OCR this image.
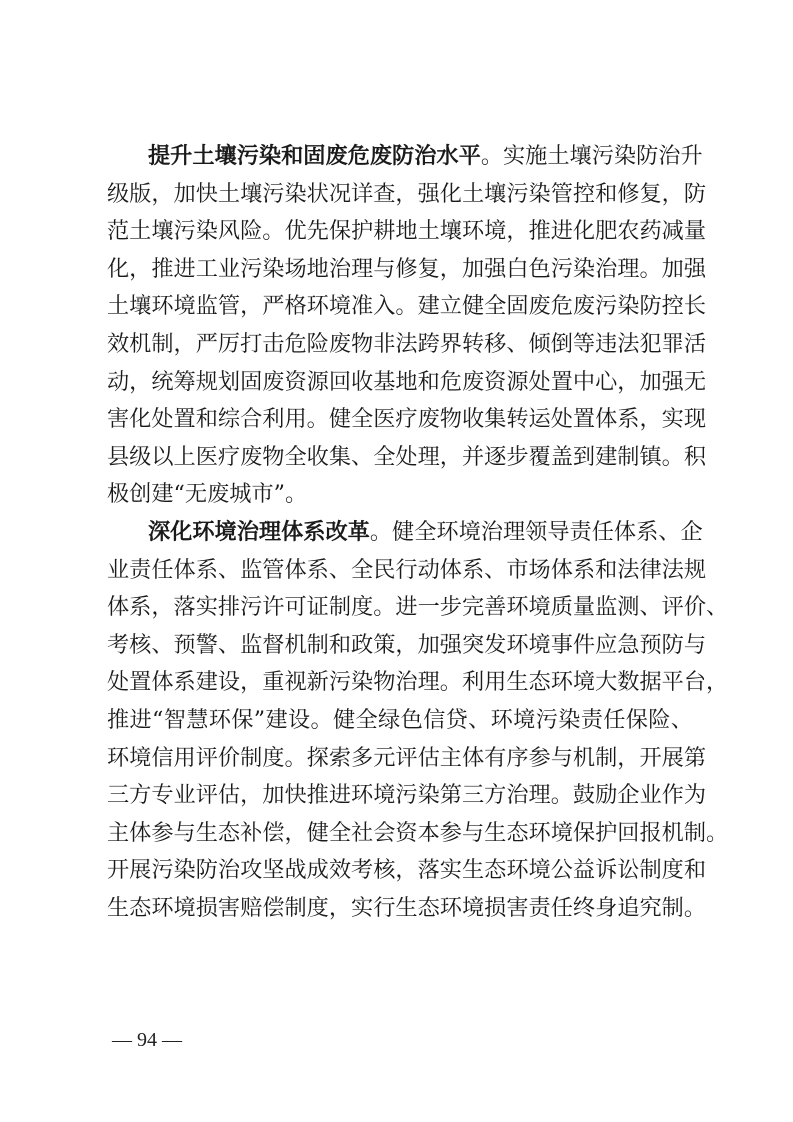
提升土壤污染和固废危废防治水平。实施土壤污染防治升
级版，加快土壤污染状况详查，强化土壤污染管控和修复，防
范土壤污染风险。优先保护耕地土壤环境，推进化肥农药减量
化，推进工业污染场地治理与修复，加强白色污染治理。加强
土壤环境监管，严格环境准入。建立健全固废危废污染防控长
效机制，严厉打击危险废物非法跨界转移、倾倒等违法犯罪活
动，统筹规划固废资源回收基地和危废资源处置中心，加强无
害化处置和综合利用。健全医疗废物收集转运处置体系，实现
县级以上医疗废物全收集、全处理，并逐步覆盖到建制镇。积
极创建“无废城市”。
深化环境治理体系改革。健全环境治理领导责任体系、企
业责任体系、监管体系、全民行动体系、市场体系和法律法规
体系，落实排污许可证制度。进一步完善环境质量监测、评价、
考核、预警、监督机制和政策，加强突发环境事件应急预防与
处置体系建设，重视新污染物治理。利用生态环境大数据平台，
推进“智慧环保”建设。健全绿色信贷、环境污染责任保险、
环境信用评价制度。探索多元评估主体有序参与机制，开展第
三方专业评估，加快推进环境污染第三方治理。鼓励企业作为
主体参与生态补偿，健全社会资本参与生态环境保护回报机制。
开展污染防治攻坚战成效考核，落实生态环境公益诉讼制度和
生态环境损害赔偿制度，实行生态环境损害责任终身追究制。
— 94 —
